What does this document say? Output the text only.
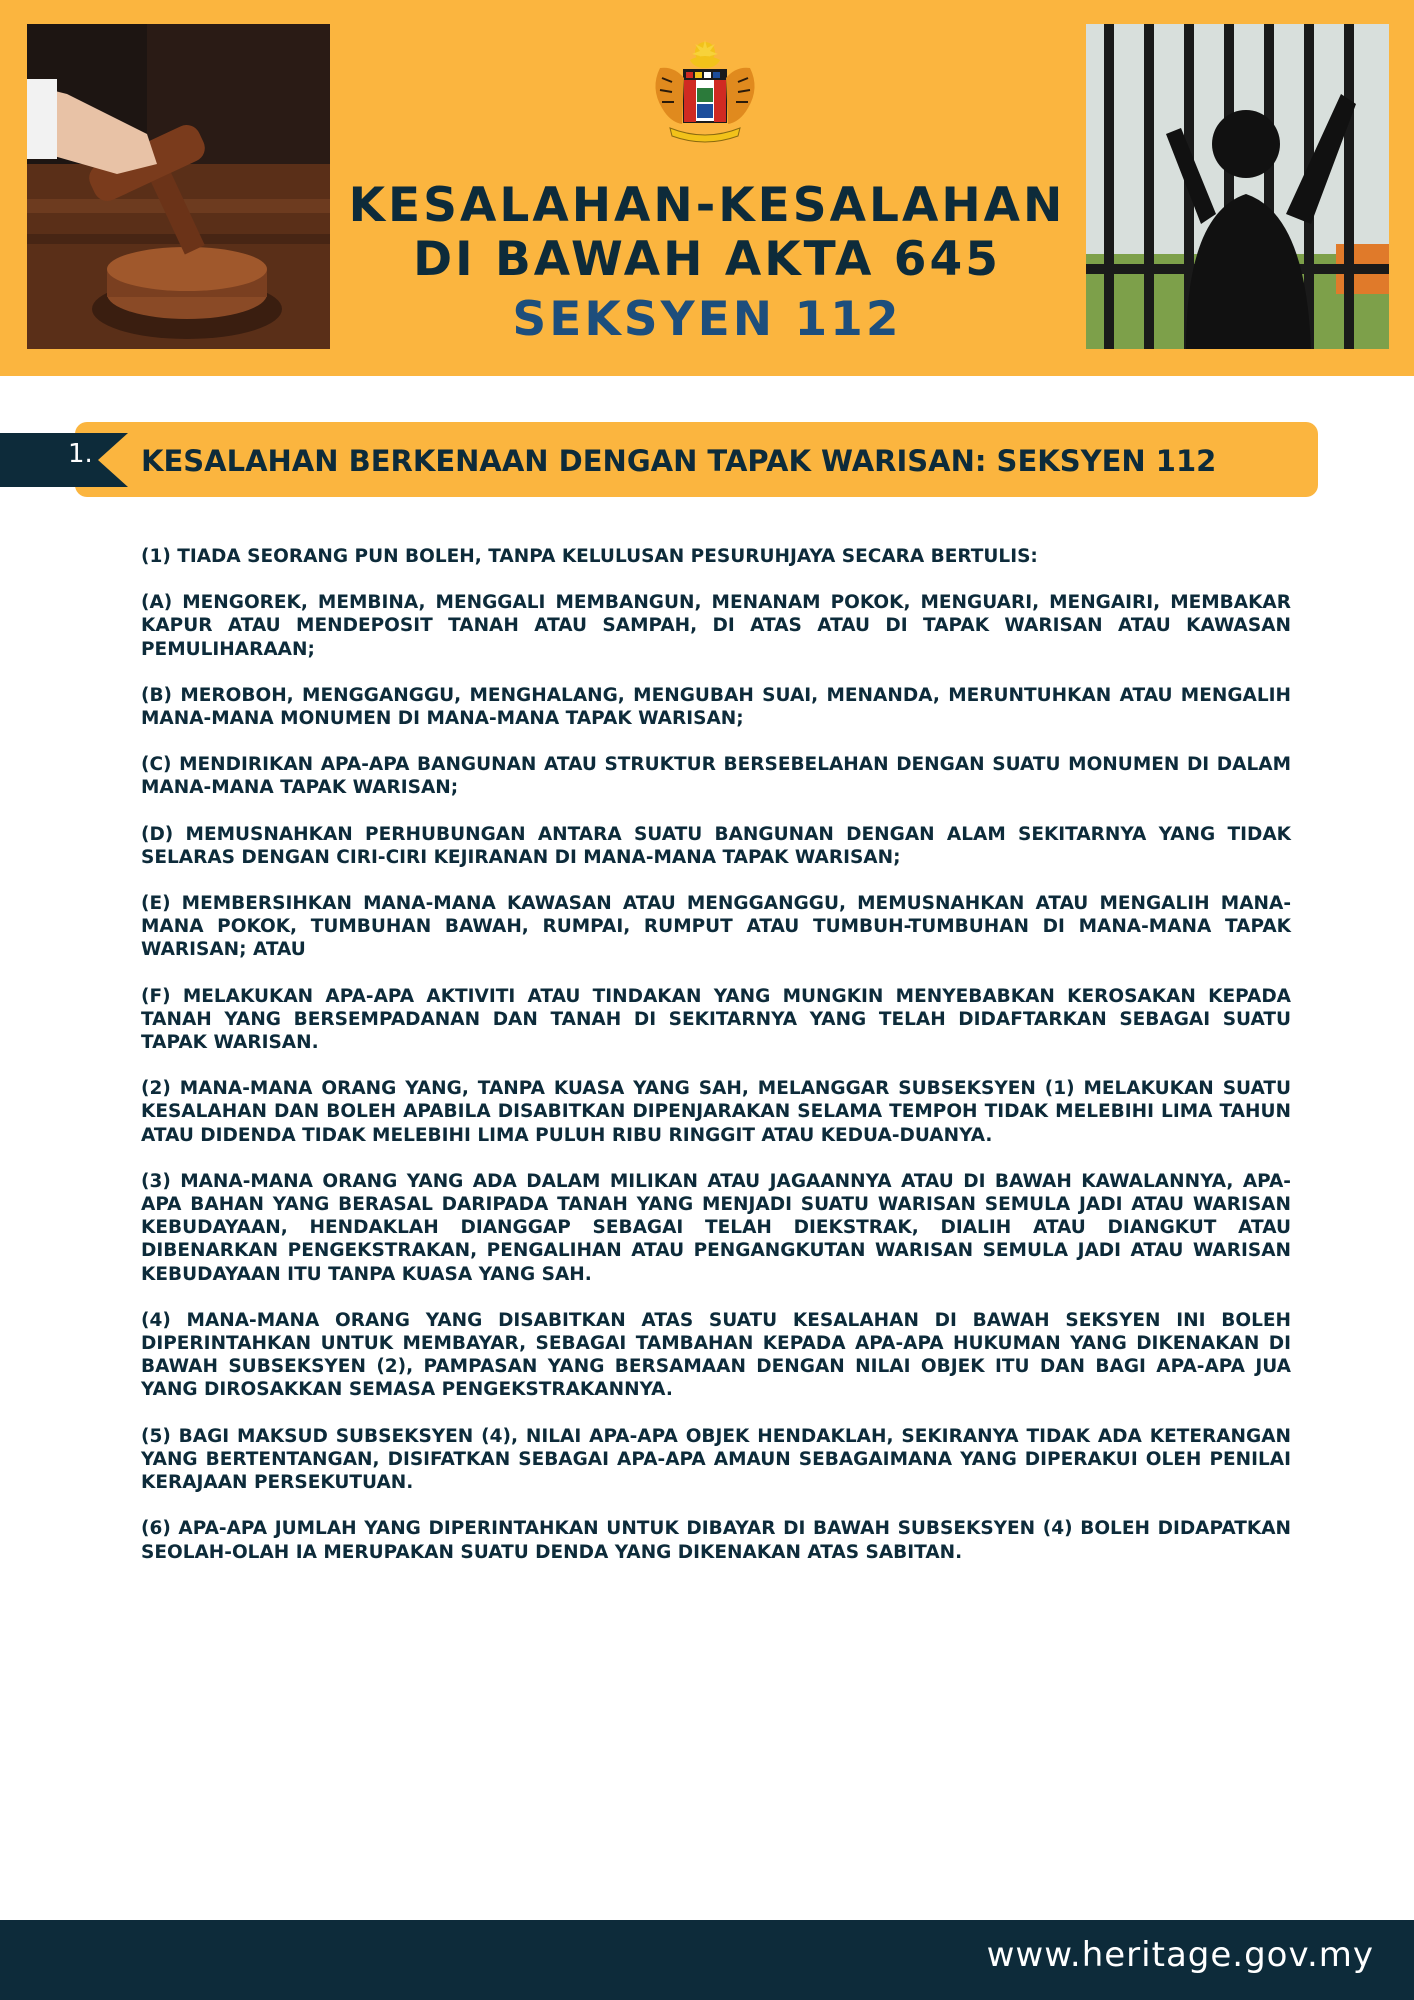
KESALAHAN-KESALAHAN
DI BAWAH AKTA 645
SEKSYEN 112
1. KESALAHAN BERKENAAN DENGAN TAPAK WARISAN: SEKSYEN 112

(1) TIADA SEORANG PUN BOLEH, TANPA KELULUSAN PESURUHJAYA SECARA BERTULIS:

(A) MENGOREK, MEMBINA, MENGGALI MEMBANGUN, MENANAM POKOK, MENGUARI, MENGAIRI, MEMBAKAR KAPUR ATAU MENDEPOSIT TANAH ATAU SAMPAH, DI ATAS ATAU DI TAPAK WARISAN ATAU KAWASAN PEMULIHARAAN;

(B) MEROBOH, MENGGANGGU, MENGHALANG, MENGUBAH SUAI, MENANDA, MERUNTUHKAN ATAU MENGALIH MANA-MANA MONUMEN DI MANA-MANA TAPAK WARISAN;

(C) MENDIRIKAN APA-APA BANGUNAN ATAU STRUKTUR BERSEBELAHAN DENGAN SUATU MONUMEN DI DALAM MANA-MANA TAPAK WARISAN;

(D) MEMUSNAHKAN PERHUBUNGAN ANTARA SUATU BANGUNAN DENGAN ALAM SEKITARNYA YANG TIDAK SELARAS DENGAN CIRI-CIRI KEJIRANAN DI MANA-MANA TAPAK WARISAN;

(E) MEMBERSIHKAN MANA-MANA KAWASAN ATAU MENGGANGGU, MEMUSNAHKAN ATAU MENGALIH MANA-MANA POKOK, TUMBUHAN BAWAH, RUMPAI, RUMPUT ATAU TUMBUH-TUMBUHAN DI MANA-MANA TAPAK WARISAN; ATAU

(F) MELAKUKAN APA-APA AKTIVITI ATAU TINDAKAN YANG MUNGKIN MENYEBABKAN KEROSAKAN KEPADA TANAH YANG BERSEMPADANAN DAN TANAH DI SEKITARNYA YANG TELAH DIDAFTARKAN SEBAGAI SUATU TAPAK WARISAN.

(2) MANA-MANA ORANG YANG, TANPA KUASA YANG SAH, MELANGGAR SUBSEKSYEN (1) MELAKUKAN SUATU KESALAHAN DAN BOLEH APABILA DISABITKAN DIPENJARAKAN SELAMA TEMPOH TIDAK MELEBIHI LIMA TAHUN ATAU DIDENDA TIDAK MELEBIHI LIMA PULUH RIBU RINGGIT ATAU KEDUA-DUANYA.

(3) MANA-MANA ORANG YANG ADA DALAM MILIKAN ATAU JAGAANNYA ATAU DI BAWAH KAWALANNYA, APA-APA BAHAN YANG BERASAL DARIPADA TANAH YANG MENJADI SUATU WARISAN SEMULA JADI ATAU WARISAN KEBUDAYAAN, HENDAKLAH DIANGGAP SEBAGAI TELAH DIEKSTRAK, DIALIH ATAU DIANGKUT ATAU DIBENARKAN PENGEKSTRAKAN, PENGALIHAN ATAU PENGANGKUTAN WARISAN SEMULA JADI ATAU WARISAN KEBUDAYAAN ITU TANPA KUASA YANG SAH.

(4) MANA-MANA ORANG YANG DISABITKAN ATAS SUATU KESALAHAN DI BAWAH SEKSYEN INI BOLEH DIPERINTAHKAN UNTUK MEMBAYAR, SEBAGAI TAMBAHAN KEPADA APA-APA HUKUMAN YANG DIKENAKAN DI BAWAH SUBSEKSYEN (2), PAMPASAN YANG BERSAMAAN DENGAN NILAI OBJEK ITU DAN BAGI APA-APA JUA YANG DIROSAKKAN SEMASA PENGEKSTRAKANNYA.

(5) BAGI MAKSUD SUBSEKSYEN (4), NILAI APA-APA OBJEK HENDAKLAH, SEKIRANYA TIDAK ADA KETERANGAN YANG BERTENTANGAN, DISIFATKAN SEBAGAI APA-APA AMAUN SEBAGAIMANA YANG DIPERAKUI OLEH PENILAI KERAJAAN PERSEKUTUAN.

(6) APA-APA JUMLAH YANG DIPERINTAHKAN UNTUK DIBAYAR DI BAWAH SUBSEKSYEN (4) BOLEH DIDAPATKAN SEOLAH-OLAH IA MERUPAKAN SUATU DENDA YANG DIKENAKAN ATAS SABITAN.

www.heritage.gov.my
